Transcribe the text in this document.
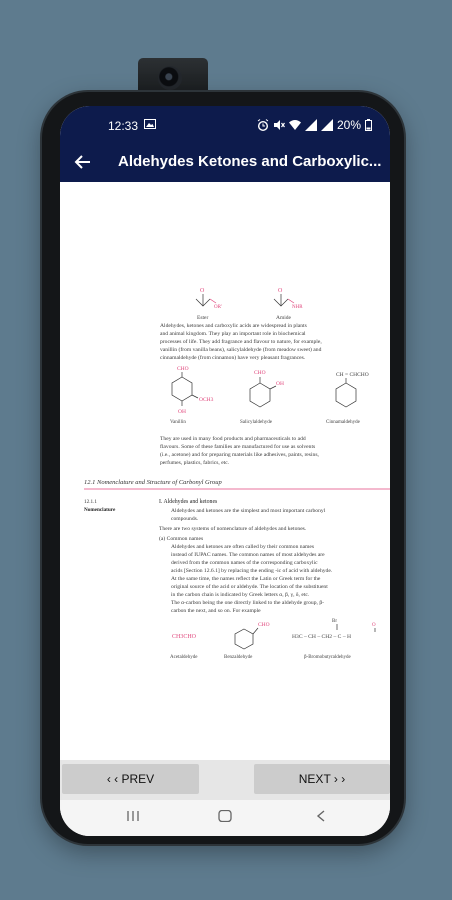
12:33	20%
Aldehydes Ketones and Carboxylic...
O	O
OR'	NHR
Ester	Amide
Aldehydes, ketones and carboxylic acids are widespread in plants and animal kingdom. They play an important role in biochemical processes of life. They add fragrance and flavour to nature, for example, vanillin (from vanilla beans), salicylaldehyde (from meadow sweet) and cinnamaldehyde (from cinnamon) have very pleasant fragrances.
CHO
OCH3
OH
Vanillin
CHO
OH
Salicylaldehyde
CH = CHCHO
Cinnamaldehyde
They are used in many food products and pharmaceuticals to add flavours. Some of these families are manufactured for use as solvents (i.e., acetone) and for preparing materials like adhesives, paints, resins, perfumes, plastics, fabrics, etc.
12.1 Nomenclature and Structure of Carbonyl Group
12.1.1
Nomenclature
I. Aldehydes and ketones
Aldehydes and ketones are the simplest and most important carbonyl compounds.
There are two systems of nomenclature of aldehydes and ketones.
(a) Common names
Aldehydes and ketones are often called by their common names instead of IUPAC names. The common names of most aldehydes are derived from the common names of the corresponding carboxylic acids [Section 12.6.1] by replacing the ending -ic of acid with aldehyde. At the same time, the names reflect the Latin or Greek term for the original source of the acid or aldehyde. The location of the substituent in the carbon chain is indicated by Greek letters α, β, γ, δ, etc. The α-carbon being the one directly linked to the aldehyde group, β- carbon the next, and so on. For example
CH3CHO
CHO
Br
O
H3C – CH – CH2 – C – H
Acetaldehyde	Benzaldehyde	β-Bromobutyraldehyde
‹ ‹ PREV	NEXT › ›
